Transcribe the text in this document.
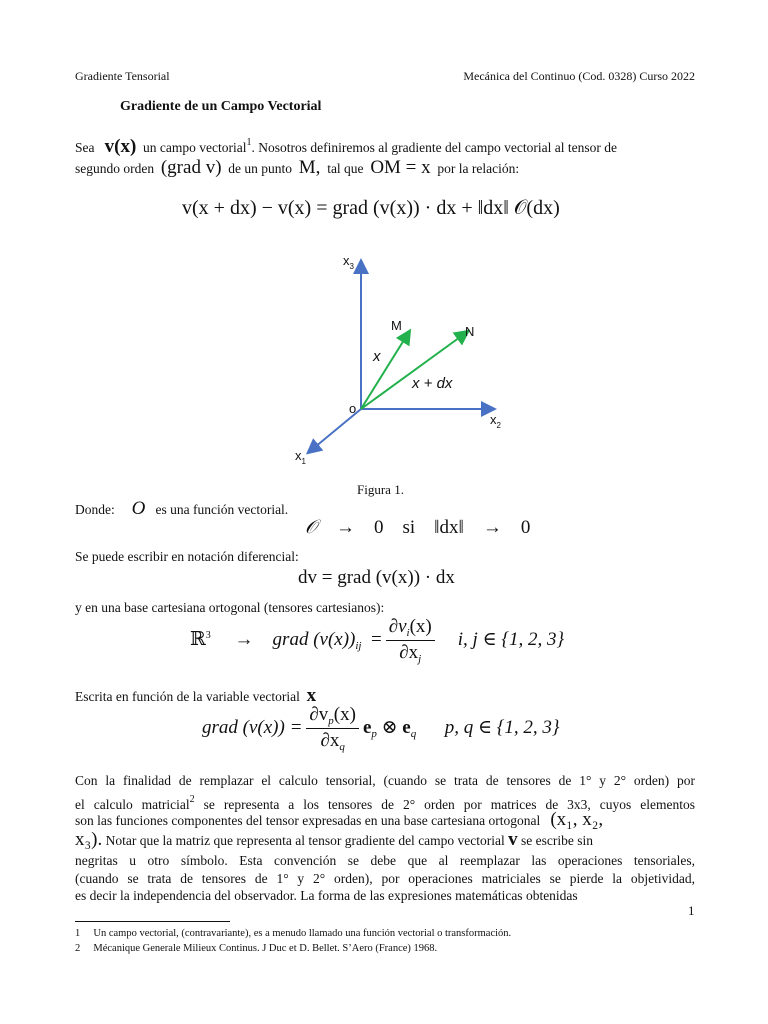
Gradiente Tensorial	Mecánica del Continuo (Cod. 0328) Curso 2022
Gradiente de un Campo Vectorial
Sea v(x) un campo vectorial$^1$. Nosotros definiremos al gradiente del campo vectorial al tensor de
segundo orden (grad v) de un punto M, tal que OM = x por la relación:
v(x + dx) − v(x) = grad (v(x)) · dx + ‖dx‖ 𝒪(dx)
$x_3$
$x_2$
$x_1$
o
M	N
x
x + dx
Figura 1.
Donde: O es una función vectorial.
𝒪 → 0 si ‖dx‖ → 0
Se puede escribir en notación diferencial:
dv = grad (v(x)) · dx
y en una base cartesiana ortogonal (tensores cartesianos):
ℝ$^3$ → grad $(v(x))_{ij} = \frac{\partial v_i(x)}{\partial x_j} i$, j ∈ {1, 2, 3}
Escrita en función de la variable vectorial x
grad $(v(x)) = \frac{\partial v_p(x)}{\partial x_q} e_p$ ⊗ $e_q$ p, q ∈ {1, 2, 3}
Con la finalidad de remplazar el calculo tensorial, (cuando se trata de tensores de 1° y 2° orden) por
el calculo matricial$^2$ se representa a los tensores de 2° orden por matrices de 3x3, cuyos elementos
son las funciones componentes del tensor expresadas en una base cartesiana ortogonal (x₁, x₂,
x₃). Notar que la matriz que representa al tensor gradiente del campo vectorial v se escribe sin
negritas u otro símbolo. Esta convención se debe que al reemplazar las operaciones tensoriales,
(cuando se trata de tensores de 1° y 2° orden), por operaciones matriciales se pierde la objetividad,
es decir la independencia del observador. La forma de las expresiones matemáticas obtenidas
1
1 Un campo vectorial, (contravariante), es a menudo llamado una función vectorial o transformación.
2 Mécanique Generale Milieux Continus. J Duc et D. Bellet. S’Aero (France) 1968.
